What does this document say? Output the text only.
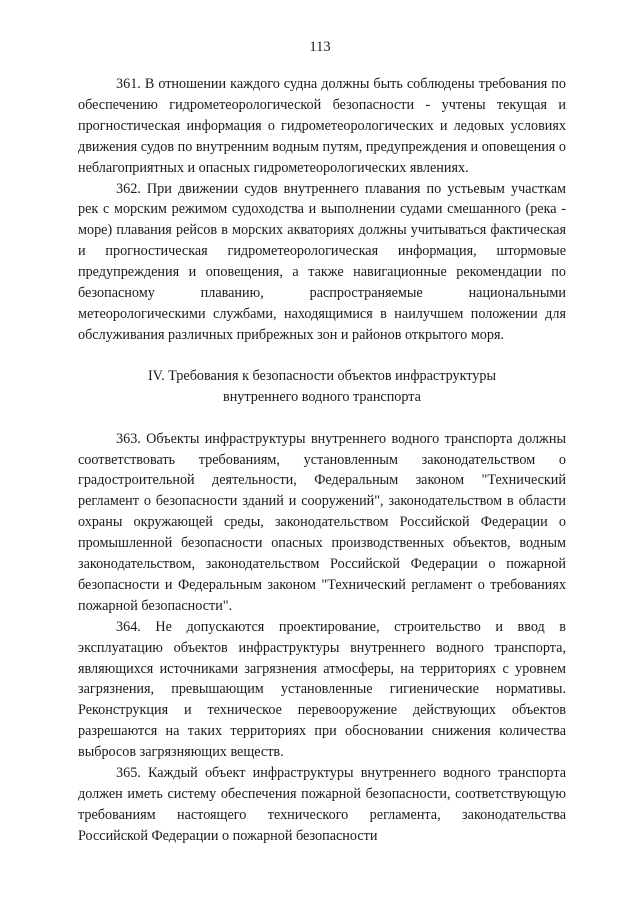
113

361. В отношении каждого судна должны быть соблюдены требования по обеспечению гидрометеорологической безопасности - учтены текущая и прогностическая информация о гидрометеорологических и ледовых условиях движения судов по внутренним водным путям, предупреждения и оповещения о неблагоприятных и опасных гидрометеорологических явлениях.

362. При движении судов внутреннего плавания по устьевым участкам рек с морским режимом судоходства и выполнении судами смешанного (река - море) плавания рейсов в морских акваториях должны учитываться фактическая и прогностическая гидрометеорологическая информация, штормовые предупреждения и оповещения, а также навигационные рекомендации по безопасному плаванию, распространяемые национальными метеорологическими службами, находящимися в наилучшем положении для обслуживания различных прибрежных зон и районов открытого моря.

IV. Требования к безопасности объектов инфраструктуры
внутреннего водного транспорта

363. Объекты инфраструктуры внутреннего водного транспорта должны соответствовать требованиям, установленным законодательством о градостроительной деятельности, Федеральным законом "Технический регламент о безопасности зданий и сооружений", законодательством в области охраны окружающей среды, законодательством Российской Федерации о промышленной безопасности опасных производственных объектов, водным законодательством, законодательством Российской Федерации о пожарной безопасности и Федеральным законом "Технический регламент о требованиях пожарной безопасности".

364. Не допускаются проектирование, строительство и ввод в эксплуатацию объектов инфраструктуры внутреннего водного транспорта, являющихся источниками загрязнения атмосферы, на территориях с уровнем загрязнения, превышающим установленные гигиенические нормативы. Реконструкция и техническое перевооружение действующих объектов разрешаются на таких территориях при обосновании снижения количества выбросов загрязняющих веществ.

365. Каждый объект инфраструктуры внутреннего водного транспорта должен иметь систему обеспечения пожарной безопасности, соответствующую требованиям настоящего технического регламента, законодательства Российской Федерации о пожарной безопасности
